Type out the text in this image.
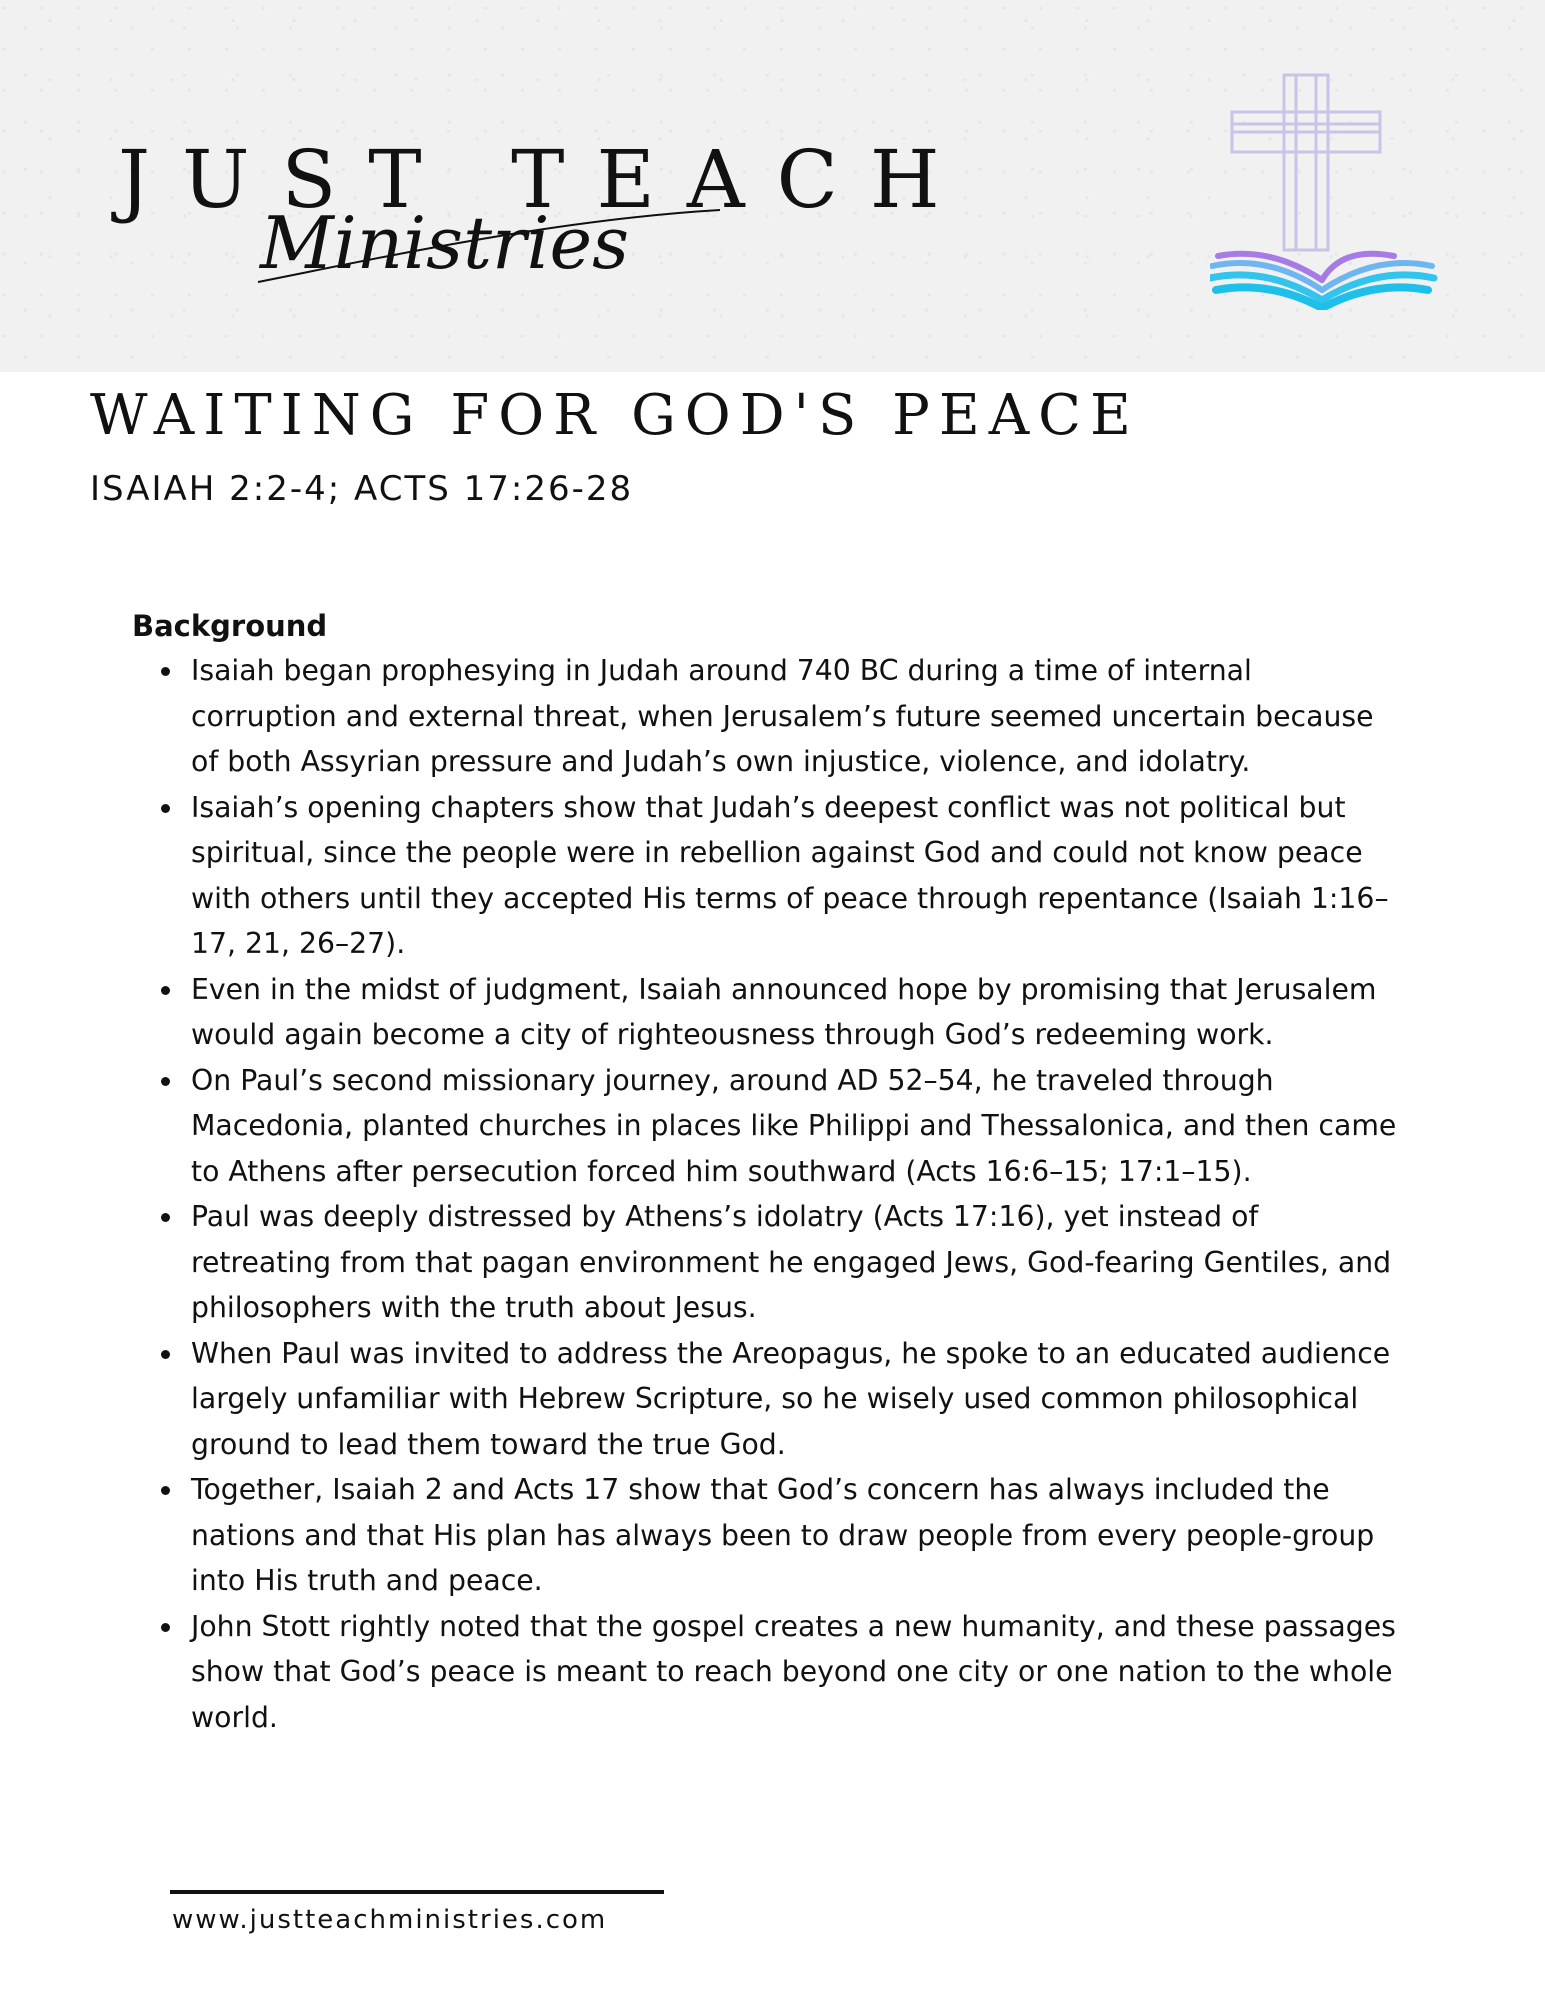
JUST TEACH
Ministries
WAITING FOR GOD'S PEACE
ISAIAH 2:2-4; ACTS 17:26-28
Background
• Isaiah began prophesying in Judah around 740 BC during a time of internal corruption and external threat, when Jerusalem’s future seemed uncertain because of both Assyrian pressure and Judah’s own injustice, violence, and idolatry.
• Isaiah’s opening chapters show that Judah’s deepest conflict was not political but spiritual, since the people were in rebellion against God and could not know peace with others until they accepted His terms of peace through repentance (Isaiah 1:16–17, 21, 26–27).
• Even in the midst of judgment, Isaiah announced hope by promising that Jerusalem would again become a city of righteousness through God’s redeeming work.
• On Paul’s second missionary journey, around AD 52–54, he traveled through Macedonia, planted churches in places like Philippi and Thessalonica, and then came to Athens after persecution forced him southward (Acts 16:6–15; 17:1–15).
• Paul was deeply distressed by Athens’s idolatry (Acts 17:16), yet instead of retreating from that pagan environment he engaged Jews, God-fearing Gentiles, and philosophers with the truth about Jesus.
• When Paul was invited to address the Areopagus, he spoke to an educated audience largely unfamiliar with Hebrew Scripture, so he wisely used common philosophical ground to lead them toward the true God.
• Together, Isaiah 2 and Acts 17 show that God’s concern has always included the nations and that His plan has always been to draw people from every people-group into His truth and peace.
• John Stott rightly noted that the gospel creates a new humanity, and these passages show that God’s peace is meant to reach beyond one city or one nation to the whole world.
www.justteachministries.com
